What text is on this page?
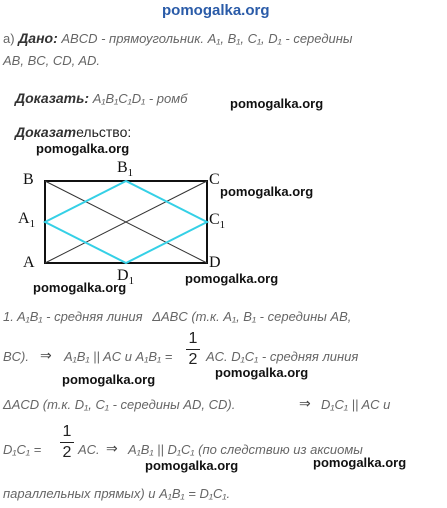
pomogalka.org
pomogalka.org
pomogalka.org
pomogalka.org
pomogalka.org
pomogalka.org
pomogalka.org
pomogalka.org
pomogalka.org	pomogalka.org
а) Дано: ABCD - прямоугольник. A₁, B₁, C₁, D₁ - середины
AB, BC, CD, AD.
Доказать: A₁B₁C₁D₁ - ромб
Доказательство:
B
$B_1$	C
$A_1$	$C_1$
A
$D_1$
D
1. A₁B₁ - средняя линия ΔABC (т.к. A₁, B₁ - середины AB,
BC). ⇒ A₁B₁ || AC и A₁B₁ =
1
2 AC. D₁C₁ - средняя линия
ΔACD (т.к. D₁, C₁ - середины AD, CD).	⇒ D₁C₁ || AC и
D₁C₁ =
1
2 AC. ⇒ A₁B₁ || D₁C₁ (по следствию из аксиомы
параллельных прямых) и A₁B₁ = D₁C₁.
